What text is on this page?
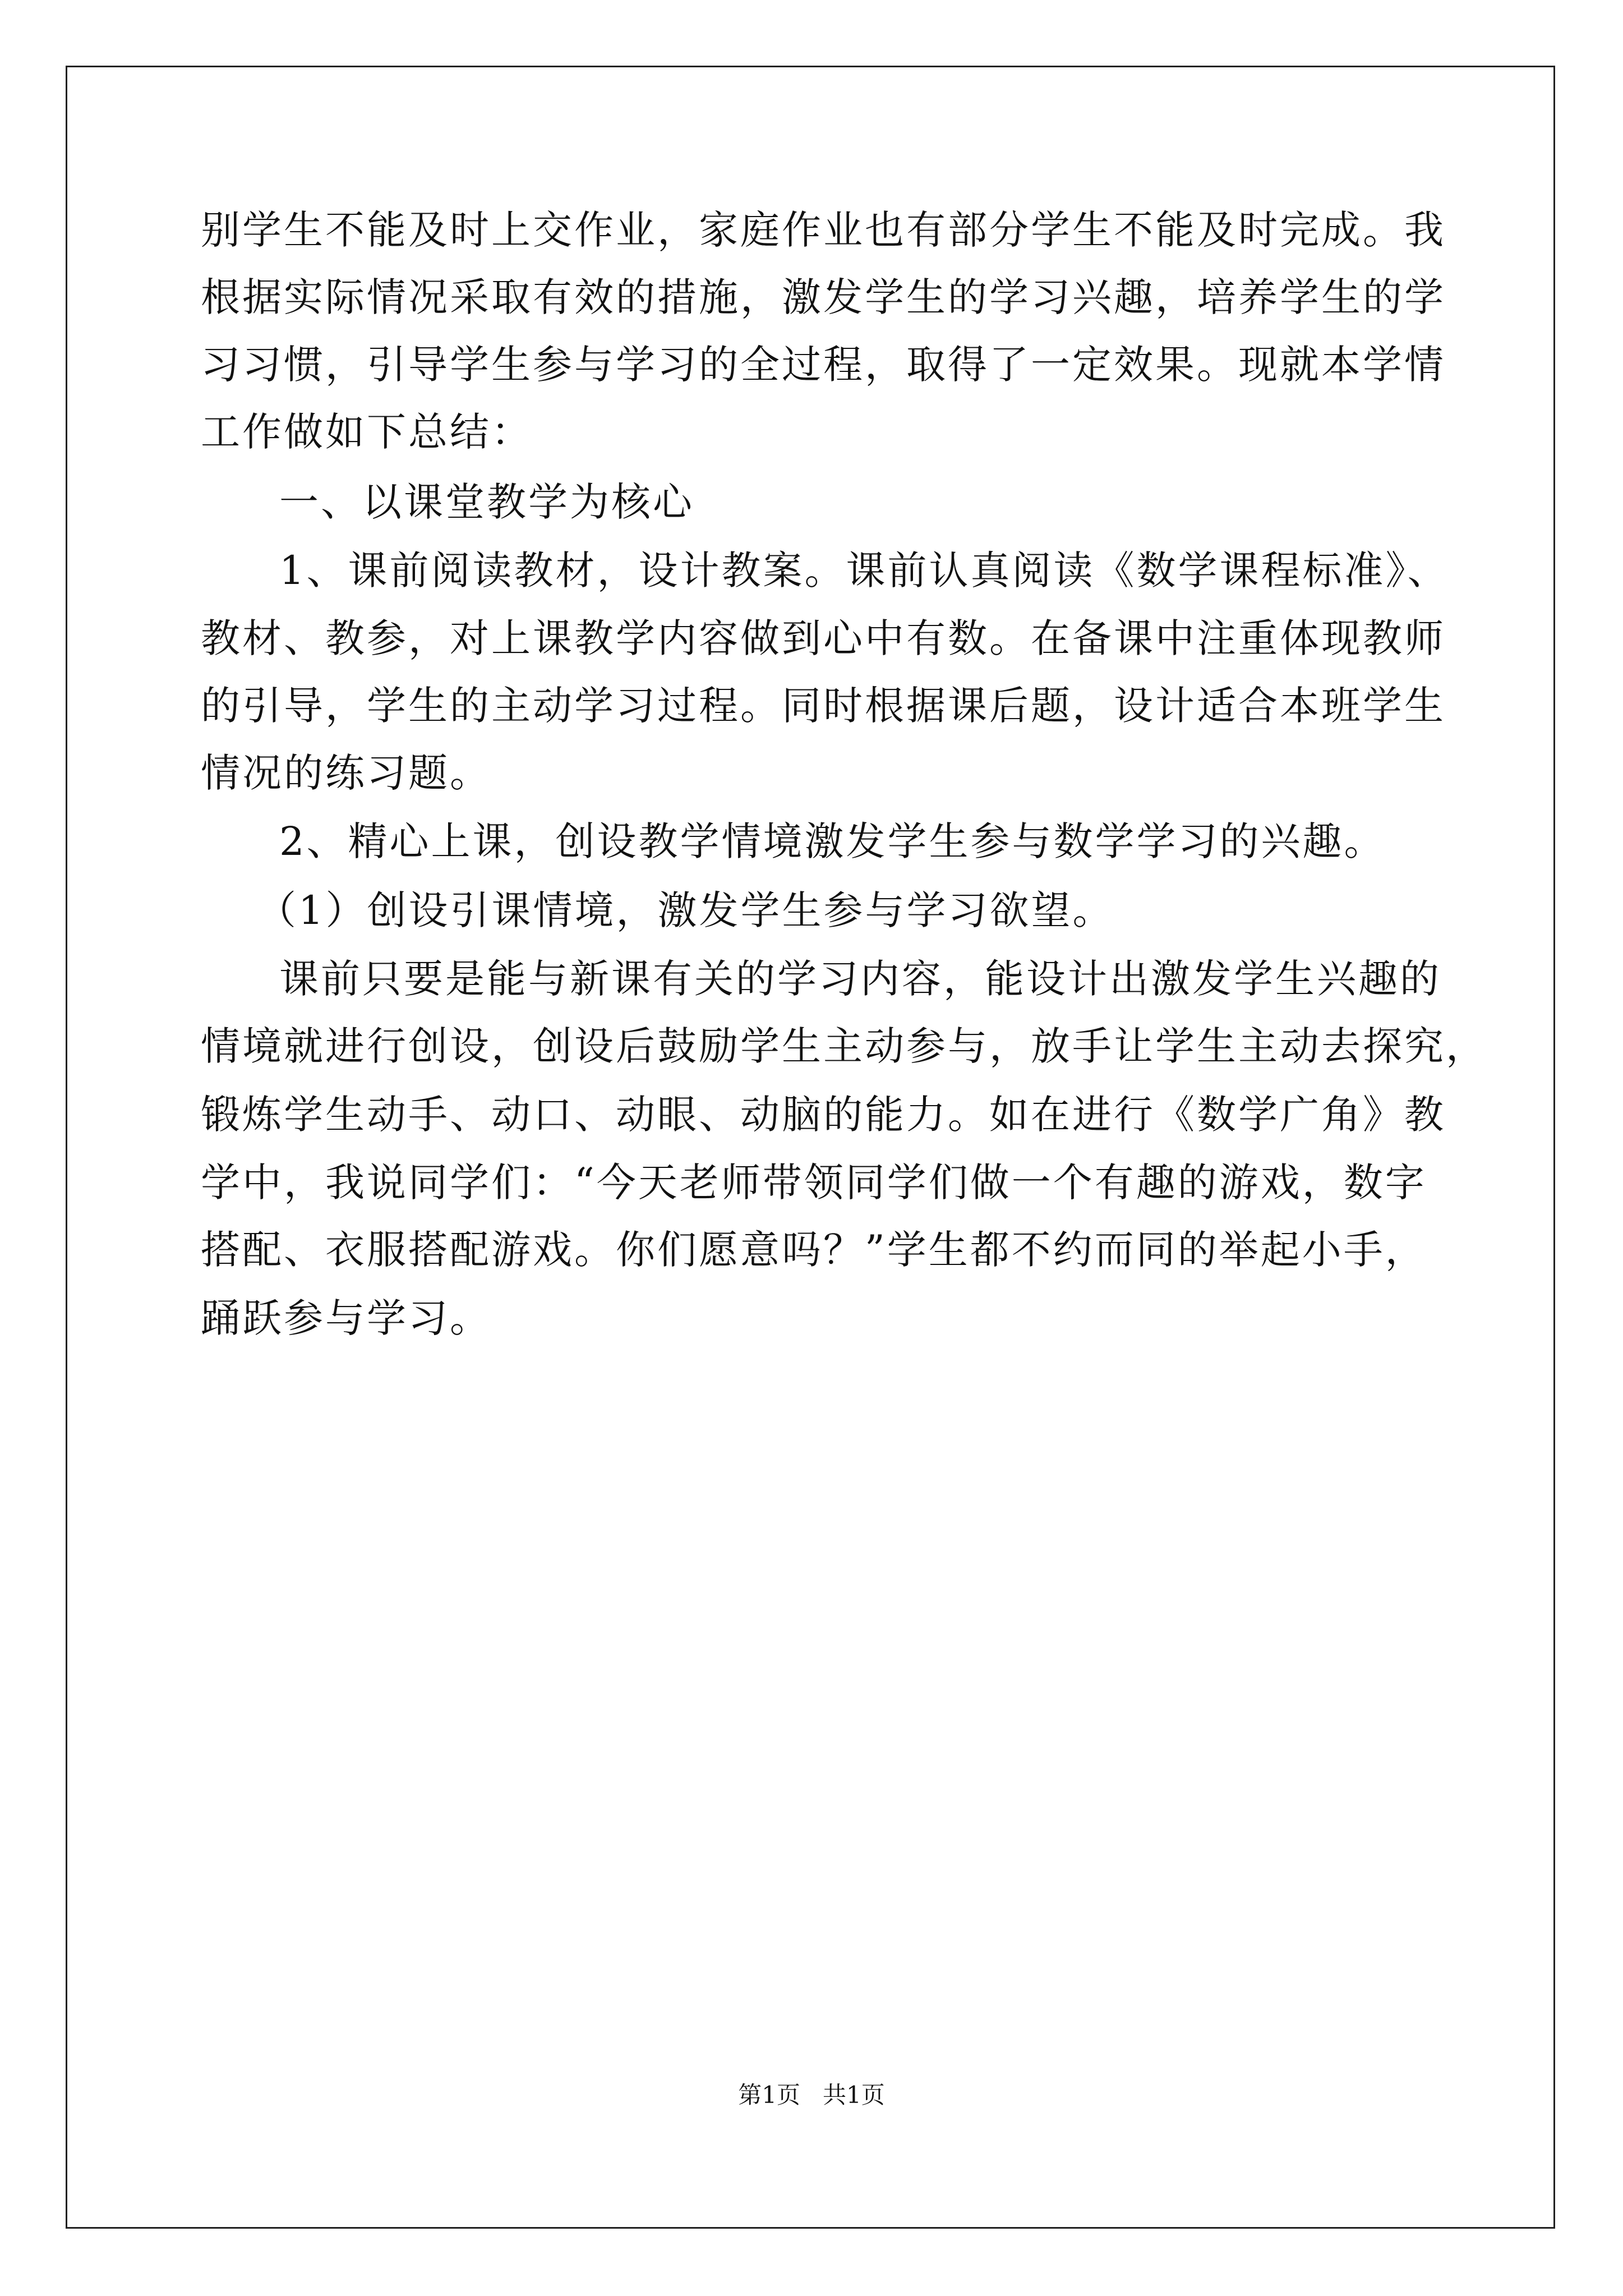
别学生不能及时上交作业，家庭作业也有部分学生不能及时完成。我
根据实际情况采取有效的措施，激发学生的学习兴趣，培养学生的学
习习惯，引导学生参与学习的全过程，取得了一定效果。现就本学情
工作做如下总结：
一、以课堂教学为核心
1、课前阅读教材，设计教案。课前认真阅读《数学课程标准》、
教材、教参，对上课教学内容做到心中有数。在备课中注重体现教师
的引导，学生的主动学习过程。同时根据课后题，设计适合本班学生
情况的练习题。
2、精心上课，创设教学情境激发学生参与数学学习的兴趣。
（1）创设引课情境，激发学生参与学习欲望。
课前只要是能与新课有关的学习内容，能设计出激发学生兴趣的
情境就进行创设，创设后鼓励学生主动参与，放手让学生主动去探究，
锻炼学生动手、动口、动眼、动脑的能力。如在进行《数学广角》教
学中，我说同学们：“今天老师带领同学们做一个有趣的游戏，数字
搭配、衣服搭配游戏。你们愿意吗？”学生都不约而同的举起小手，
踊跃参与学习。
第1页   共1页
